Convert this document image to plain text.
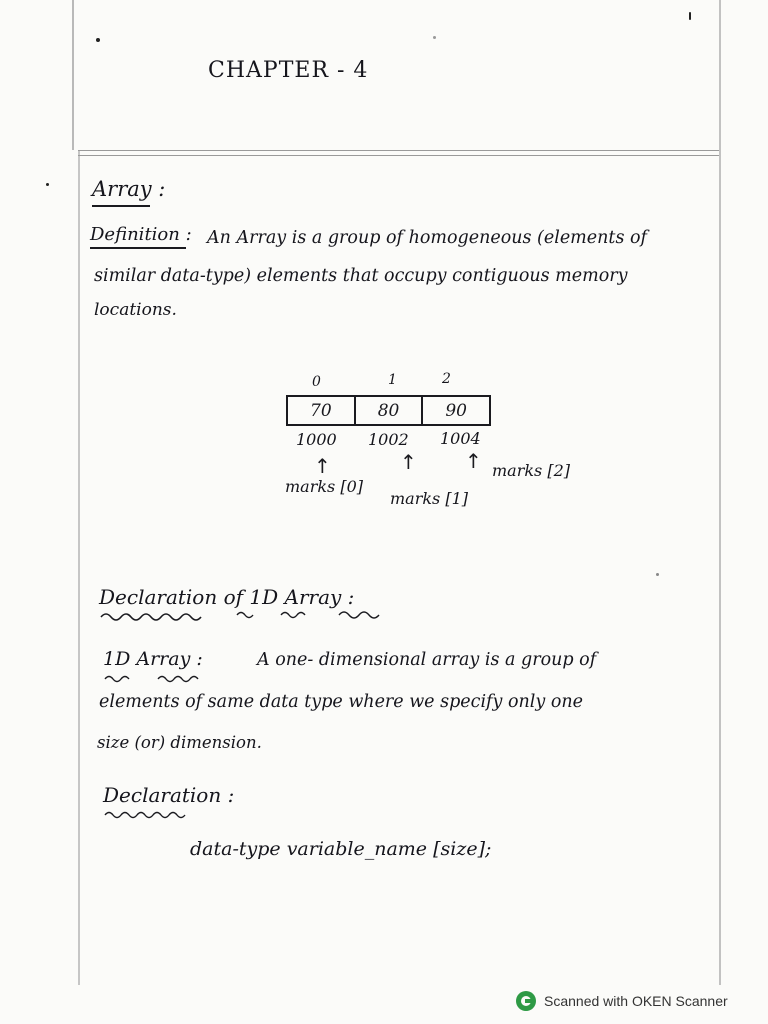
CHAPTER - 4
Array :
Definition : An Array is a group of homogeneous (elements of
similar data-type) elements that occupy contiguous memory
locations.
0	1	2
70	80	90
1000 1002 1004
↑	↑ ↑
marks [0]
marks [1]
marks [2]
Declaration of 1D Array :
1D Array :	A one- dimensional array is a group of
elements of same data type where we specify only one
size (or) dimension.
Declaration :
data-type variable_name [size];
Scanned with OKEN Scanner
